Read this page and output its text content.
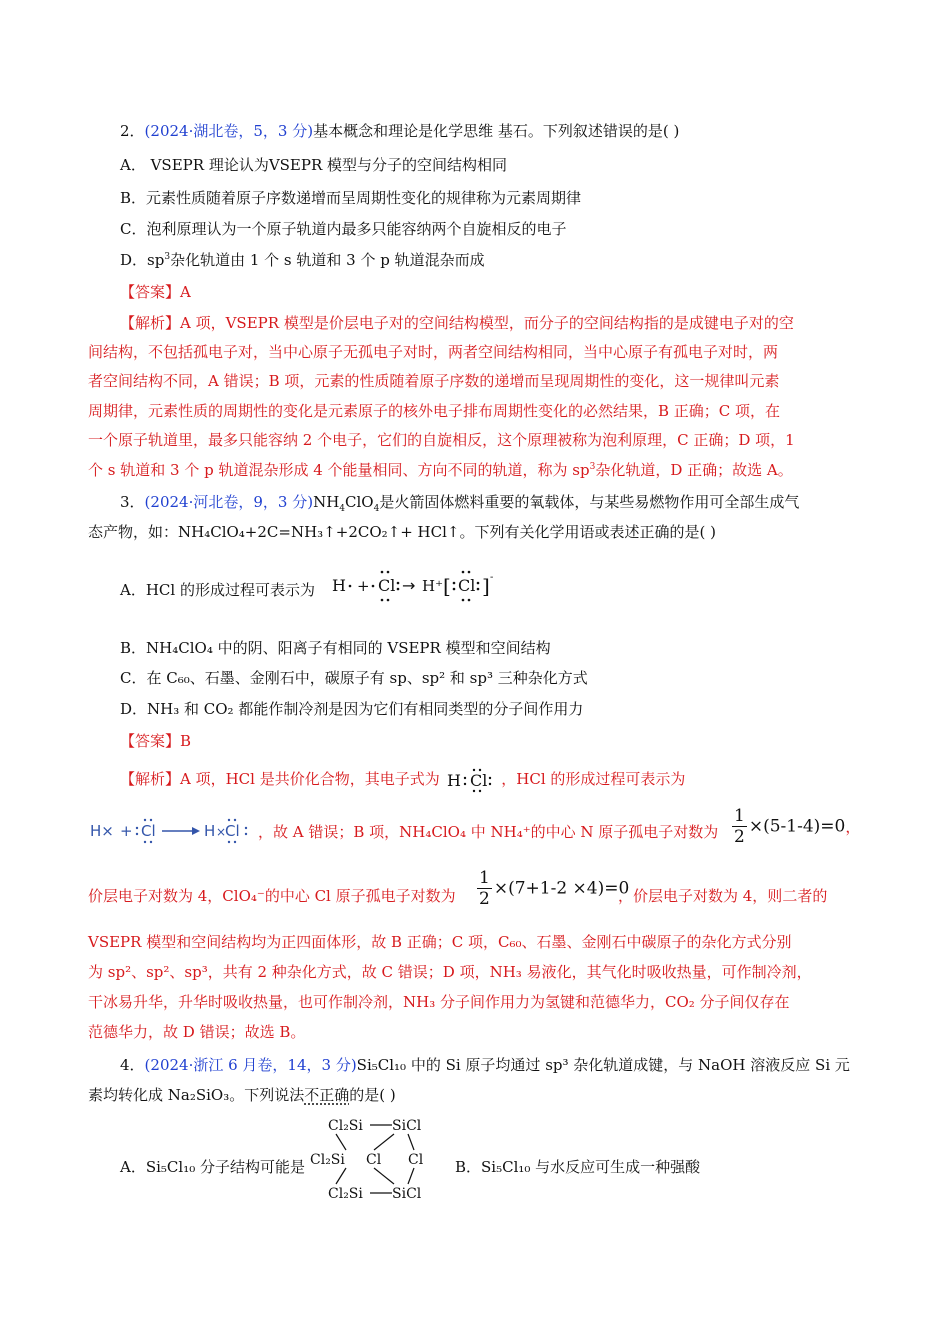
2．(2024·湖北卷，5，3 分)基本概念和理论是化学思维 基石。下列叙述错误的是( )
A． VSEPR 理论认为VSEPR 模型与分子的空间结构相同
B．元素性质随着原子序数递增而呈周期性变化的规律称为元素周期律
C．泡利原理认为一个原子轨道内最多只能容纳两个自旋相反的电子
D．$sp^3$杂化轨道由 1 个 s 轨道和 3 个 p 轨道混杂而成
【答案】A
【解析】A 项，VSEPR 模型是价层电子对的空间结构模型，而分子的空间结构指的是成键电子对的空
间结构，不包括孤电子对，当中心原子无孤电子对时，两者空间结构相同，当中心原子有孤电子对时，两
者空间结构不同，A 错误；B 项，元素的性质随着原子序数的递增而呈现周期性的变化，这一规律叫元素
周期律，元素性质的周期性的变化是元素原子的核外电子排布周期性变化的必然结果，B 正确；C 项，在
一个原子轨道里，最多只能容纳 2 个电子，它们的自旋相反，这个原理被称为泡利原理，C 正确；D 项，1
个 s 轨道和 3 个 p 轨道混杂形成 4 个能量相同、方向不同的轨道，称为 $sp^3$杂化轨道，D 正确；故选 A。
3．(2024·河北卷，9，3 分)$NH_4ClO_4$是火箭固体燃料重要的氧载体，与某些易燃物作用可全部生成气
态产物，如：NH₄ClO₄+2C=NH₃↑+2CO₂↑+ HCl↑。下列有关化学用语或表述正确的是( )
A．HCl 的形成过程可表示为 H + Cl → H⁺ [ Cl ] -
B．NH₄ClO₄ 中的阴、阳离子有相同的 VSEPR 模型和空间结构
C．在 C₆₀、石墨、金刚石中，碳原子有 sp、sp² 和 sp³ 三种杂化方式
D．NH₃ 和 CO₂ 都能作制冷剂是因为它们有相同类型的分子间作用力
【答案】B
【解析】A 项，HCl 是共价化合物，其电子式为 H Cl ，HCl 的形成过程可表示为
H× + Cl	H ×
Cl ，故 A 错误；B 项，NH₄ClO₄ 中 NH₄⁺的中心 N 原子孤电子对数为 $\frac{1}{2} \times(5-1-4)=0$，
价层电子对数为 4，ClO₄⁻的中心 Cl 原子孤电子对数为 $\frac{1}{2} \times(7+1-2 \times 4)=0$
，价层电子对数为 4，则二者的
VSEPR 模型和空间结构均为正四面体形，故 B 正确；C 项，C₆₀、石墨、金刚石中碳原子的杂化方式分别
为 sp²、sp²、sp³，共有 2 种杂化方式，故 C 错误；D 项，NH₃ 易液化，其气化时吸收热量，可作制冷剂，
干冰易升华，升华时吸收热量，也可作制冷剂，NH₃ 分子间作用力为氢键和范德华力，CO₂ 分子间仅存在
范德华力，故 D 错误；故选 B。
4．(2024·浙江 6 月卷，14，3 分)Si₅Cl₁₀ 中的 Si 原子均通过 sp³ 杂化轨道成键，与 NaOH 溶液反应 Si 元
素均转化成 Na₂SiO₃。下列说法不正确的是( )
A．Si₅Cl₁₀ 分子结构可能是
Cl₂Si SiCl
Cl₂Si Cl Cl
Cl₂Si SiCl
B．Si₅Cl₁₀ 与水反应可生成一种强酸
